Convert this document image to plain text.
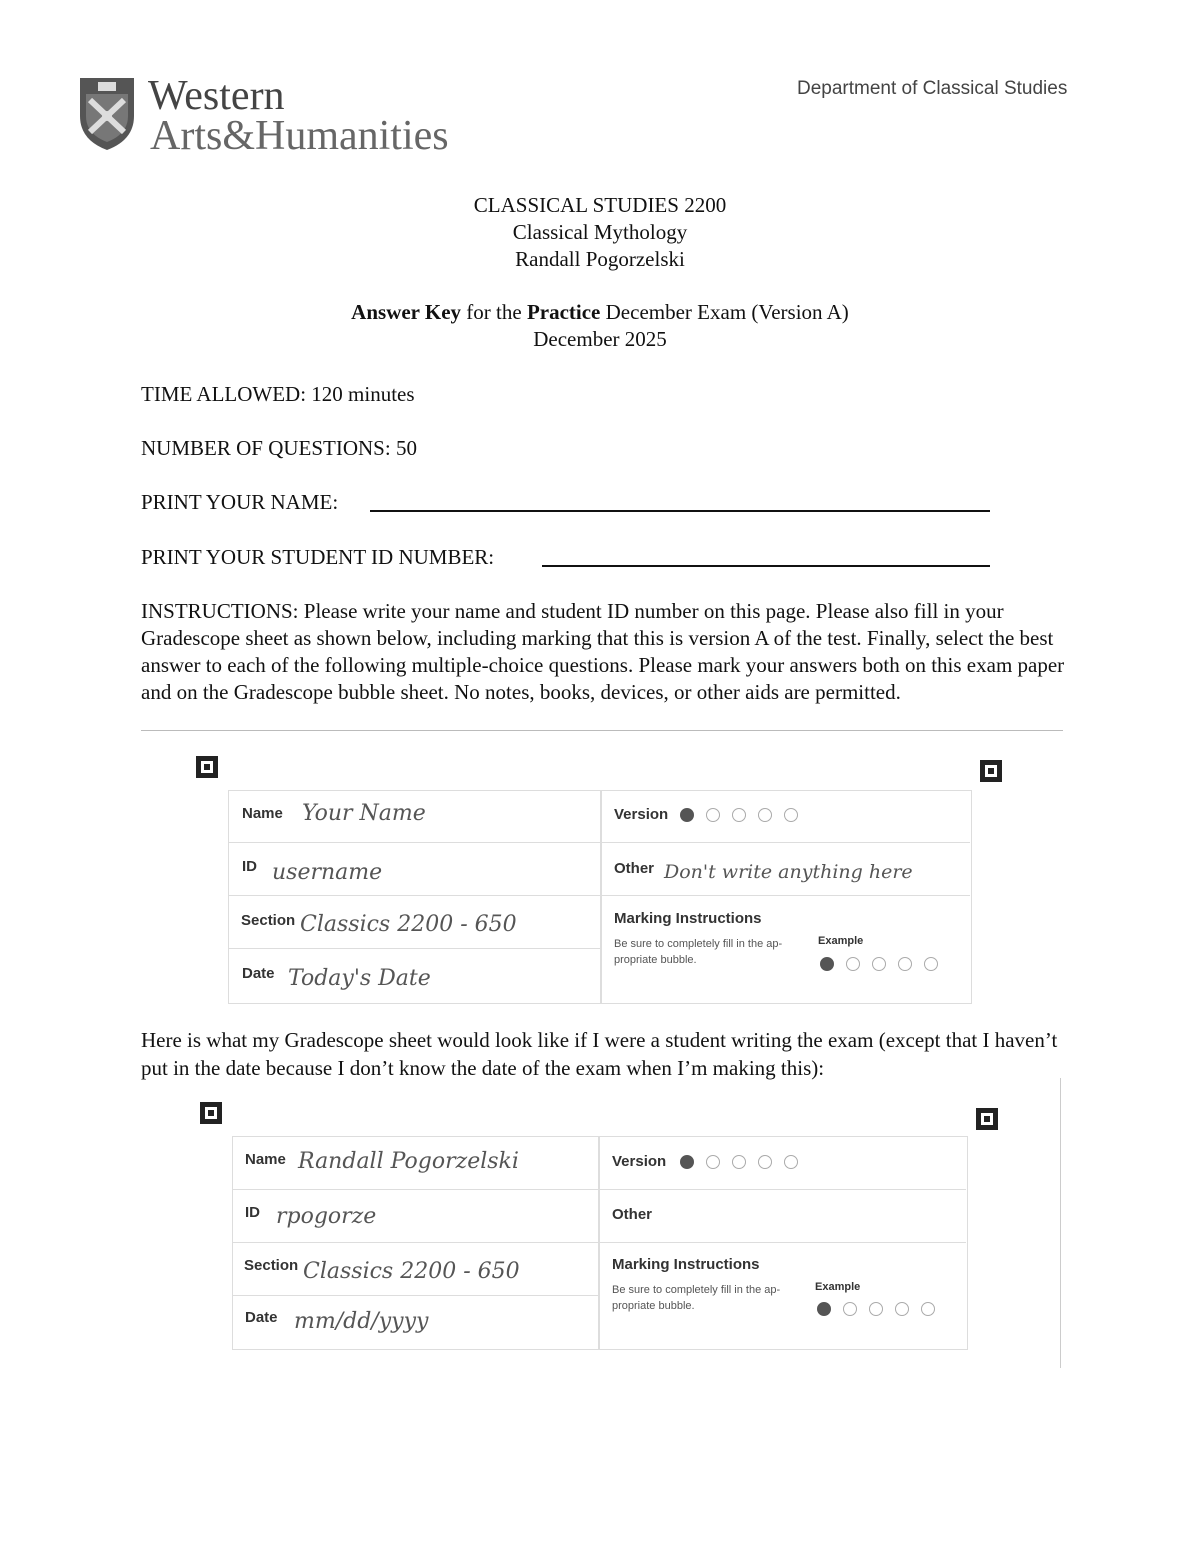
Western
Arts&Humanities
Department of Classical Studies
CLASSICAL STUDIES 2200
Classical Mythology
Randall Pogorzelski
Answer Key for the Practice December Exam (Version A)
December 2025
TIME ALLOWED: 120 minutes
NUMBER OF QUESTIONS: 50
PRINT YOUR NAME:
PRINT YOUR STUDENT ID NUMBER:
INSTRUCTIONS: Please write your name and student ID number on this page. Please also fill in your Gradescope sheet as shown below, including marking that this is version A of the test. Finally, select the best answer to each of the following multiple-choice questions. Please mark your answers both on this exam paper and on the Gradescope bubble sheet. No notes, books, devices, or other aids are permitted.
Name Your Name
ID username
Section Classics 2200 - 650
Date Today's Date
Version
Other Don't write anything here
Marking Instructions
Be sure to completely fill in the ap-
propriate bubble.
Example
Here is what my Gradescope sheet would look like if I were a student writing the exam (except that I haven’t put in the date because I don’t know the date of the exam when I’m making this):
Name Randall Pogorzelski
ID rpogorze
Section Classics 2200 - 650
Date mm/dd/yyyy
Version
Other
Marking Instructions
Be sure to completely fill in the ap-
propriate bubble.
Example
